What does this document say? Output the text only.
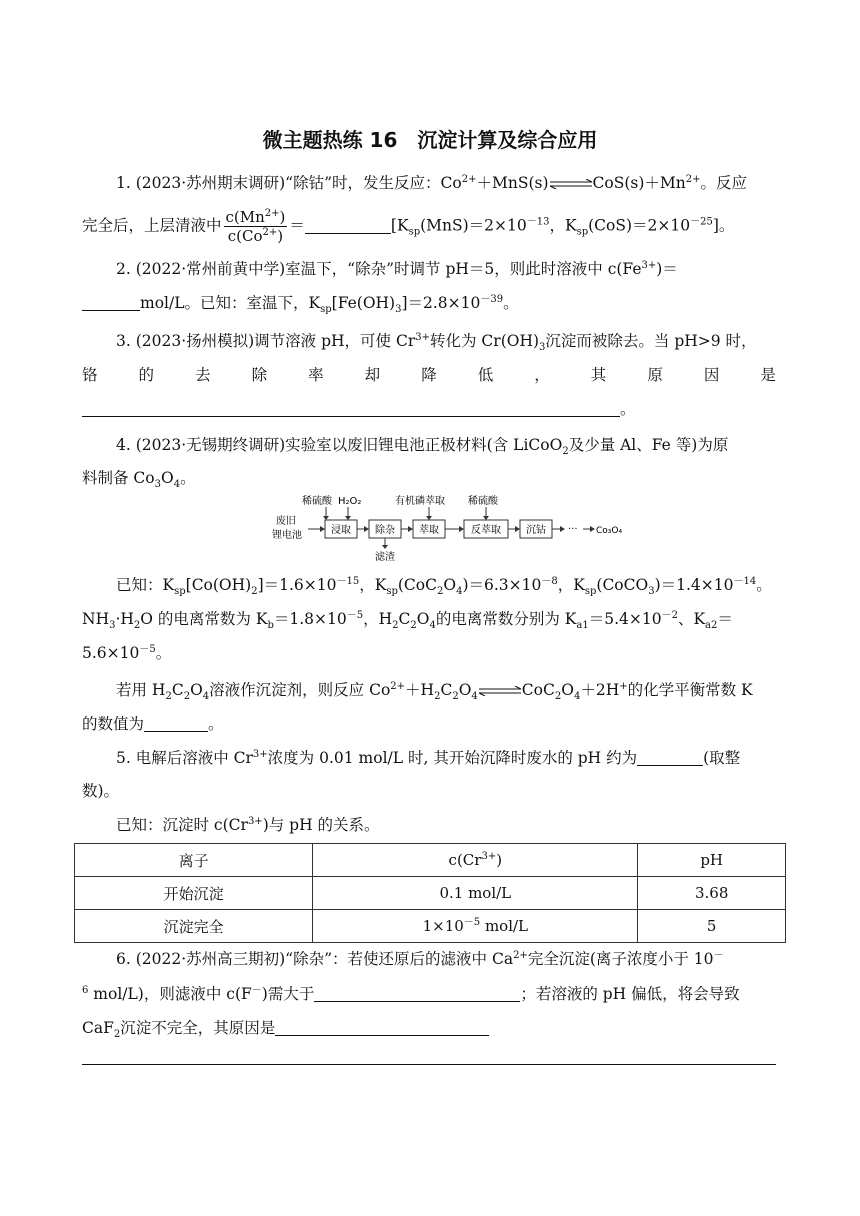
微主题热练 16　沉淀计算及综合应用
1. (2023·苏州期末调研)“除钴”时，发生反应：$Co^{2+}+MnS(s)\rightleftharpoons CoS(s)+Mn^{2+}$。反应
完全后，上层清液中 $\frac{c(Mn^{2+})}{c(Co^{2+})}$ ＝	[$K_{sp}(MnS)=2\times 10^{-13}$，$K_{sp}(CoS)=2\times 10^{-25}$]。
2. (2022·常州前黄中学)室温下，“除杂”时调节 pH＝5，则此时溶液中 $c(Fe^{3+})=$
mol/L。已知：室温下，$K_{sp}[Fe(OH)_3]=2.8\times 10^{-39}$。
3. (2023·扬州模拟)调节溶液 pH，可使 $Cr^{3+}$转化为 $Cr(OH)_3$沉淀而被除去。当 pH>9 时，
铬	的	去	除	率	却	降	低	，	其	原	因	是
。
4. (2023·无锡期终调研)实验室以废旧锂电池正极材料(含 LiCoO$_2$及少量 Al、Fe 等)为原
料制备 $Co_3O_4$。
废旧
锂电池	浸取
稀硫酸 H₂O₂
除杂
滤渣
萃取
有机磷萃取
反萃取
稀硫酸
沉钴 ··· Co₃O₄
已知：$K_{sp}[Co(OH)_2]=1.6\times 10^{-15}$，$K_{sp}(CoC_2O_4)=6.3\times 10^{-8}$，$K_{sp}(CoCO_3)=1.4\times 10^{-14}$。
$NH_3\cdot H_2O$ 的电离常数为 $K_b=1.8\times 10^{-5}$，$H_2C_2O_4$的电离常数分别为 $K_{a1}=5.4\times 10^{-2}$、$K_{a2}=$
$5.6\times 10^{-5}$。
若用 $H_2C_2O_4$溶液作沉淀剂，则反应 $Co^{2+}+H_2C_2O_4$ $\rightleftharpoons CoC_2O_4+2H^+$的化学平衡常数 K
的数值为	。
5. 电解后溶液中 $Cr^{3+}$浓度为 0.01 mol/L 时, 其开始沉降时废水的 pH 约为	(取整
数)。
已知：沉淀时 $c(Cr^{3+})$与 pH 的关系。
离子	$c(Cr^{3+})$	pH
开始沉淀	0.1 mol/L	3.68
沉淀完全	$1\times 10^{-5}$ mol/L	5
6. (2022·苏州高三期初)“除杂”：若使还原后的滤液中 $Ca^{2+}$完全沉淀(离子浓度小于 10－
$^6$ mol/L)，则滤液中 c(F－)需大于	；若溶液的 pH 偏低，将会导致
CaF$_2$沉淀不完全，其原因是
